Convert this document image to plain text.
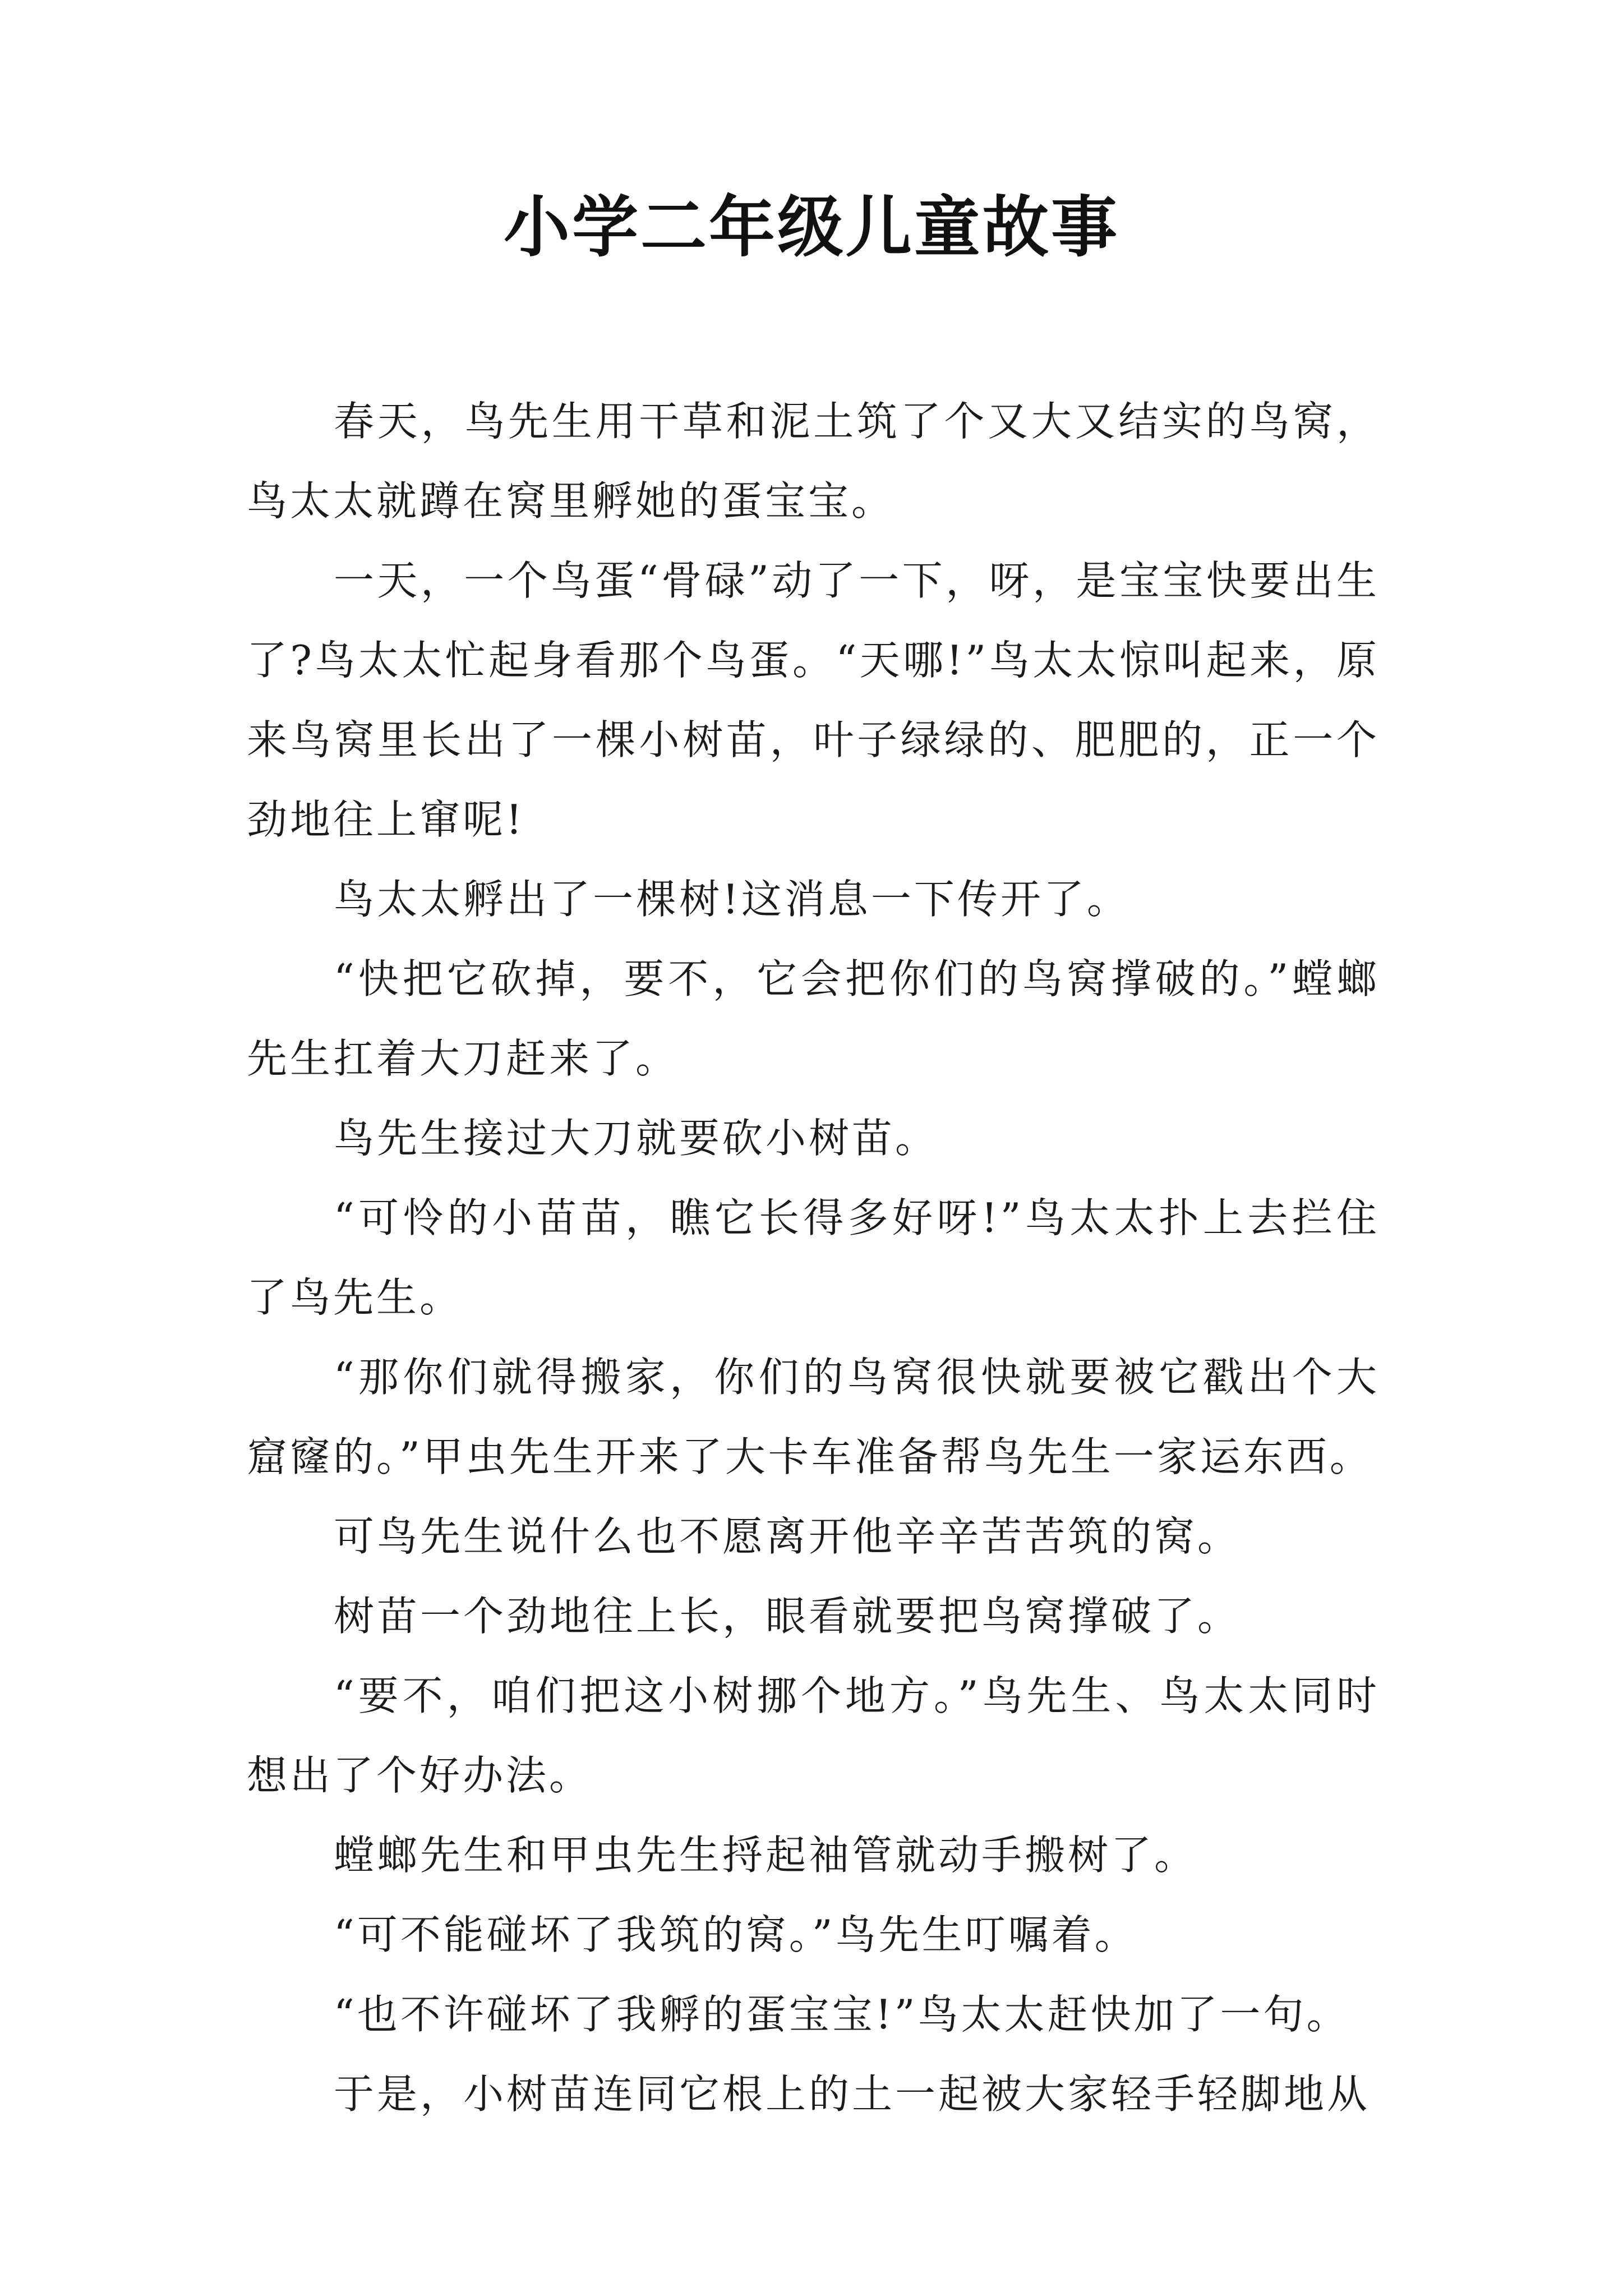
小学二年级儿童故事

春天，鸟先生用干草和泥土筑了个又大又结实的鸟窝，鸟太太就蹲在窝里孵她的蛋宝宝。

一天，一个鸟蛋“骨碌”动了一下，呀，是宝宝快要出生了?鸟太太忙起身看那个鸟蛋。“天哪!”鸟太太惊叫起来，原来鸟窝里长出了一棵小树苗，叶子绿绿的、肥肥的，正一个劲地往上窜呢!

鸟太太孵出了一棵树!这消息一下传开了。

“快把它砍掉，要不，它会把你们的鸟窝撑破的。”螳螂先生扛着大刀赶来了。

鸟先生接过大刀就要砍小树苗。

“可怜的小苗苗，瞧它长得多好呀!”鸟太太扑上去拦住了鸟先生。

“那你们就得搬家，你们的鸟窝很快就要被它戳出个大窟窿的。”甲虫先生开来了大卡车准备帮鸟先生一家运东西。

可鸟先生说什么也不愿离开他辛辛苦苦筑的窝。

树苗一个劲地往上长，眼看就要把鸟窝撑破了。

“要不，咱们把这小树挪个地方。”鸟先生、鸟太太同时想出了个好办法。

螳螂先生和甲虫先生捋起袖管就动手搬树了。

“可不能碰坏了我筑的窝。”鸟先生叮嘱着。

“也不许碰坏了我孵的蛋宝宝!”鸟太太赶快加了一句。

于是，小树苗连同它根上的土一起被大家轻手轻脚地从
